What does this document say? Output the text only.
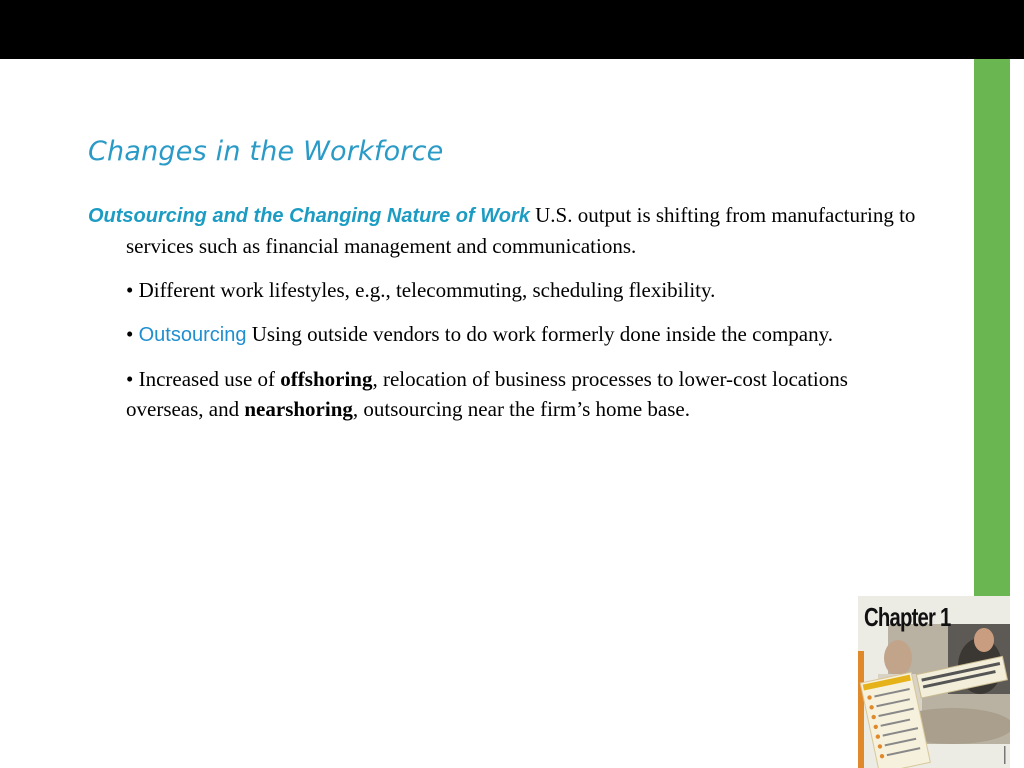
Changes in the Workforce

Outsourcing and the Changing Nature of Work U.S. output is shifting from manufacturing to services such as financial management and communications.

• Different work lifestyles, e.g., telecommuting, scheduling flexibility.

• Outsourcing Using outside vendors to do work formerly done inside the company.

• Increased use of offshoring, relocation of business processes to lower-cost locations overseas, and nearshoring, outsourcing near the firm’s home base.

Chapter 1
